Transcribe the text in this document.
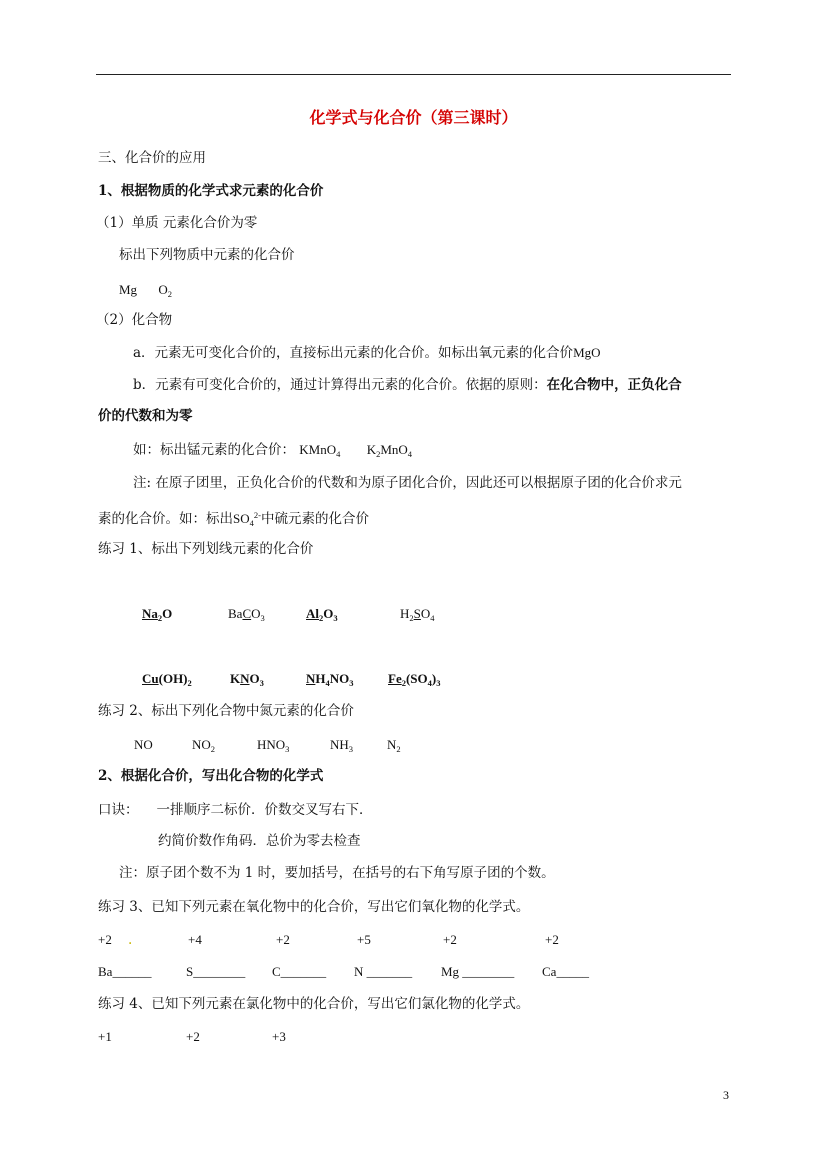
化学式与化合价（第三课时）
三、化合价的应用
1、根据物质的化学式求元素的化合价
（1）单质 元素化合价为零
标出下列物质中元素的化合价
Mg $O_2$
（2）化合物
a．元素无可变化合价的，直接标出元素的化合价。如标出氧元素的化合价MgO
b．元素有可变化合价的，通过计算得出元素的化合价。依据的原则：在化合物中，正负化合
价的代数和为零
如：标出锰元素的化合价： KMnO$_4$ $K_2MnO_4$
注: 在原子团里，正负化合价的代数和为原子团化合价，因此还可以根据原子团的化合价求元
素的化合价。如：标出$SO_4^{2-}$中硫元素的化合价
练习 1、标出下列划线元素的化合价
$Na_2O$	BaCO$_3$	$Al_2O_3$	$H_2SO_4$
$Cu(OH)_2$	$KNO_3$	$NH_4NO_3$	$Fe_2(SO_4)_3$
练习 2、标出下列化合物中氮元素的化合价
NO	$NO_2$	$HNO_3$	$NH_3$	$N_2$
2、根据化合价，写出化合物的化学式
口诀： 一排顺序二标价．价数交叉写右下．
约简价数作角码．总价为零去检查
注：原子团个数不为 1 时，要加括号，在括号的右下角写原子团的个数。
练习 3、已知下列元素在氧化物中的化合价，写出它们氧化物的化学式。
+2 .	+4	+2	+5	+2	+2
Ba______	S________ C_______ N _______ Mg ________ Ca_____
练习 4、已知下列元素在氯化物中的化合价，写出它们氯化物的化学式。
+1	+2	+3
3
